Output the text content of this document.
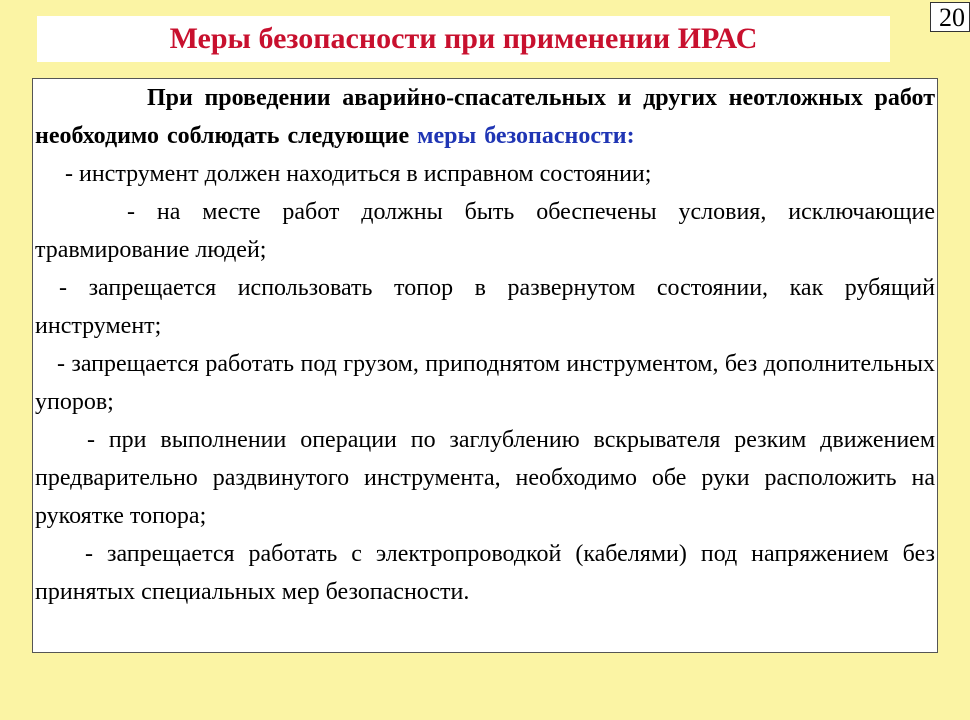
20
Меры безопасности при применении ИРАС

При проведении аварийно-спасательных и других неотложных работ необходимо соблюдать следующие меры безопасности:

- инструмент должен находиться в исправном состоянии;

- на месте работ должны быть обеспечены условия, исключающие травмирование людей;

- запрещается использовать топор в развернутом состоянии, как рубящий инструмент;

- запрещается работать под грузом, приподнятом инструментом, без дополнительных упоров;

- при выполнении операции по заглублению вскрывателя резким движением предварительно раздвинутого инструмента, необходимо обе руки расположить на рукоятке топора;

- запрещается работать с электропроводкой (кабелями) под напряжением без принятых специальных мер безопасности.
